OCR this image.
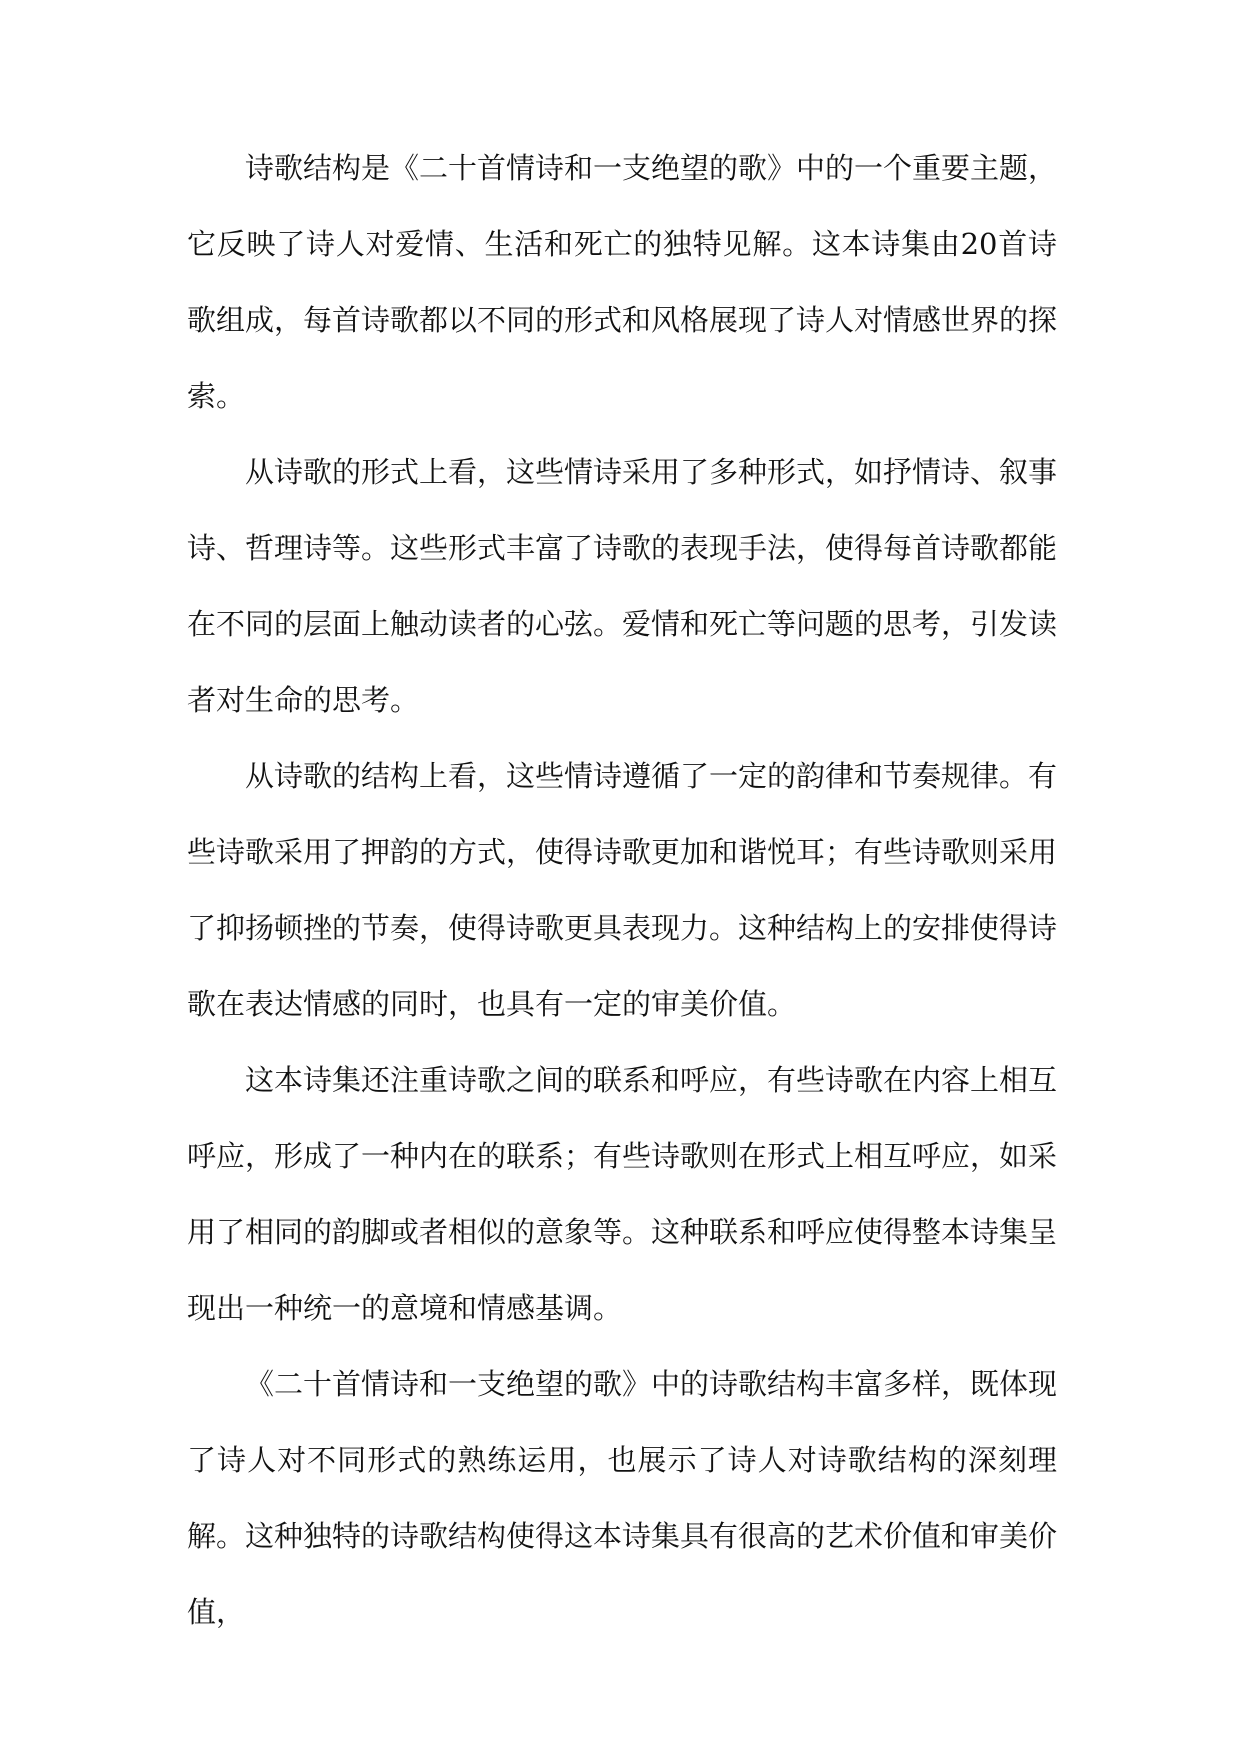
诗歌结构是《二十首情诗和一支绝望的歌》中的一个重要主题，它反映了诗人对爱情、生活和死亡的独特见解。这本诗集由20首诗歌组成，每首诗歌都以不同的形式和风格展现了诗人对情感世界的探索。

从诗歌的形式上看，这些情诗采用了多种形式，如抒情诗、叙事诗、哲理诗等。这些形式丰富了诗歌的表现手法，使得每首诗歌都能在不同的层面上触动读者的心弦。爱情和死亡等问题的思考，引发读者对生命的思考。

从诗歌的结构上看，这些情诗遵循了一定的韵律和节奏规律。有些诗歌采用了押韵的方式，使得诗歌更加和谐悦耳；有些诗歌则采用了抑扬顿挫的节奏，使得诗歌更具表现力。这种结构上的安排使得诗歌在表达情感的同时，也具有一定的审美价值。

这本诗集还注重诗歌之间的联系和呼应，有些诗歌在内容上相互呼应，形成了一种内在的联系；有些诗歌则在形式上相互呼应，如采用了相同的韵脚或者相似的意象等。这种联系和呼应使得整本诗集呈现出一种统一的意境和情感基调。

《二十首情诗和一支绝望的歌》中的诗歌结构丰富多样，既体现了诗人对不同形式的熟练运用，也展示了诗人对诗歌结构的深刻理解。这种独特的诗歌结构使得这本诗集具有很高的艺术价值和审美价值，
